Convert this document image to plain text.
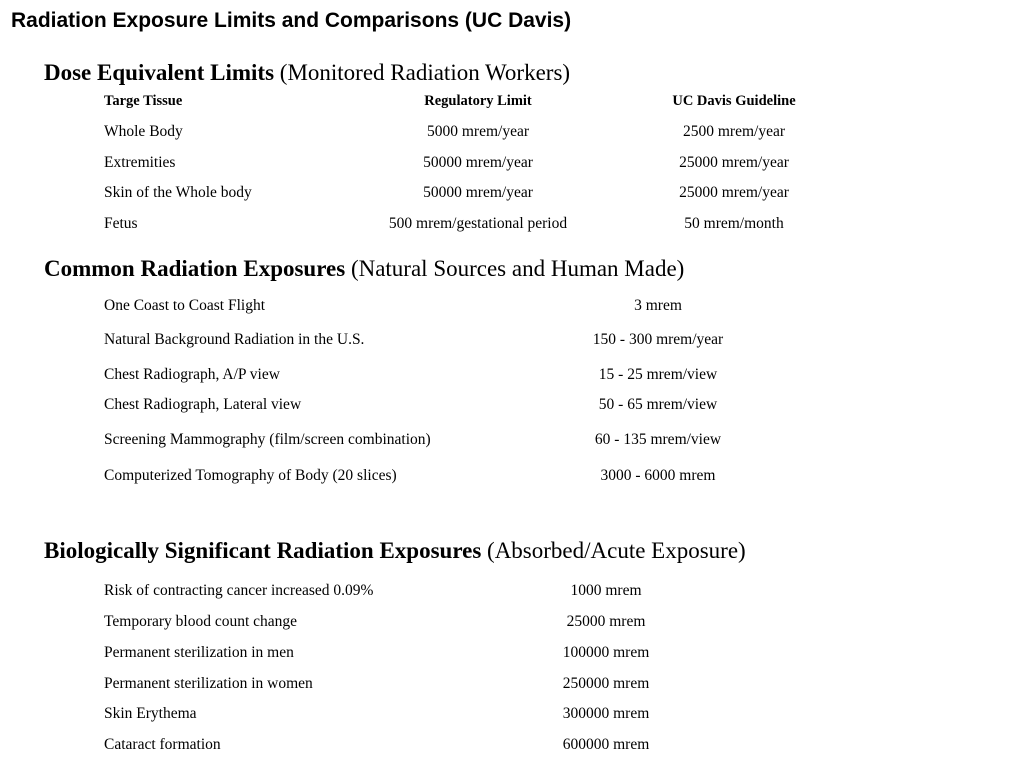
Radiation Exposure Limits and Comparisons (UC Davis)
Dose Equivalent Limits (Monitored Radiation Workers)
Targe Tissue	Regulatory Limit	UC Davis Guideline
Whole Body	5000 mrem/year	2500 mrem/year
Extremities	50000 mrem/year	25000 mrem/year
Skin of the Whole body	50000 mrem/year	25000 mrem/year
Fetus	500 mrem/gestational period	50 mrem/month
Common Radiation Exposures (Natural Sources and Human Made)
One Coast to Coast Flight	3 mrem
Natural Background Radiation in the U.S.	150 - 300 mrem/year
Chest Radiograph, A/P view	15 - 25 mrem/view
Chest Radiograph, Lateral view	50 - 65 mrem/view
Screening Mammography (film/screen combination)	60 - 135 mrem/view
Computerized Tomography of Body (20 slices)	3000 - 6000 mrem
Biologically Significant Radiation Exposures (Absorbed/Acute Exposure)
Risk of contracting cancer increased 0.09%	1000 mrem
Temporary blood count change	25000 mrem
Permanent sterilization in men	100000 mrem
Permanent sterilization in women	250000 mrem
Skin Erythema	300000 mrem
Cataract formation	600000 mrem
